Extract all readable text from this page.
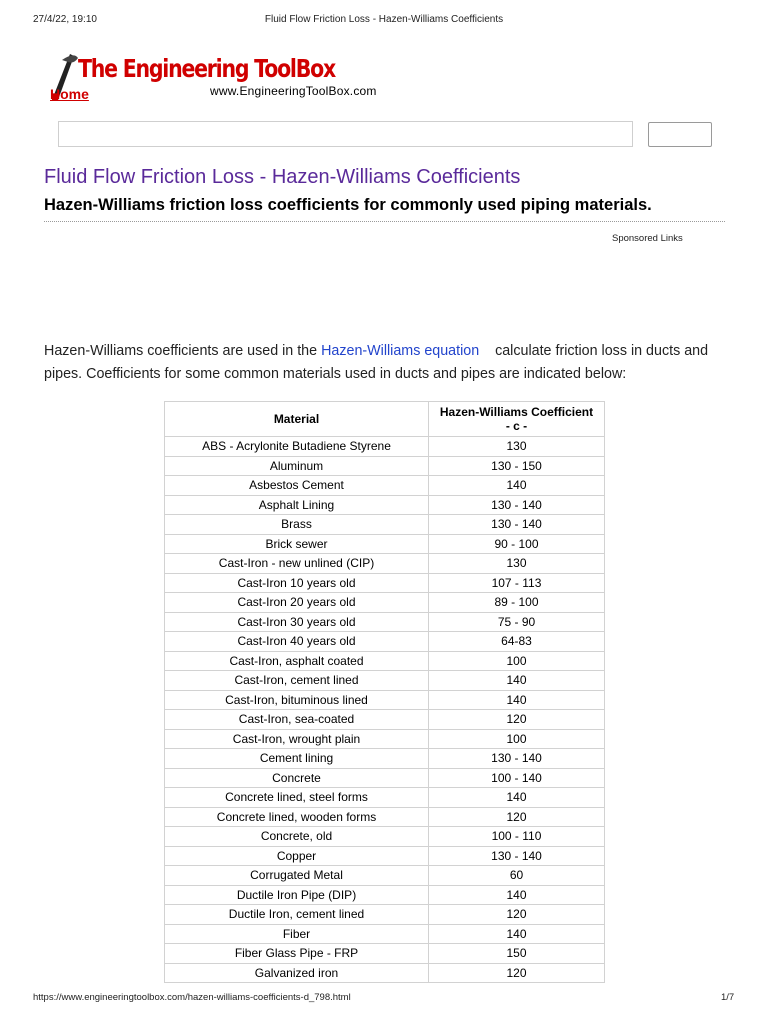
27/4/22, 19:10	Fluid Flow Friction Loss - Hazen-Williams Coefficients
The Engineering ToolBox
Home	www.EngineeringToolBox.com
Fluid Flow Friction Loss - Hazen-Williams Coefficients
Hazen-Williams friction loss coefficients for commonly used piping materials.
Sponsored Links

Hazen-Williams coefficients are used in the Hazen-Williams equation    calculate friction loss in ducts and pipes. Coefficients for some common materials used in ducts and pipes are indicated below:

Material	Hazen-Williams Coefficient
- c -

ABS - Acrylonite Butadiene Styrene	130
Aluminum	130 - 150
Asbestos Cement	140
Asphalt Lining	130 - 140
Brass	130 - 140
Brick sewer	90 - 100
Cast-Iron - new unlined (CIP)	130
Cast-Iron 10 years old	107 - 113
Cast-Iron 20 years old	89 - 100
Cast-Iron 30 years old	75 - 90
Cast-Iron 40 years old	64-83
Cast-Iron, asphalt coated	100
Cast-Iron, cement lined	140
Cast-Iron, bituminous lined	140
Cast-Iron, sea-coated	120
Cast-Iron, wrought plain	100
Cement lining	130 - 140
Concrete	100 - 140
Concrete lined, steel forms	140
Concrete lined, wooden forms	120
Concrete, old	100 - 110
Copper	130 - 140
Corrugated Metal	60
Ductile Iron Pipe (DIP)	140
Ductile Iron, cement lined	120
Fiber	140
Fiber Glass Pipe - FRP	150
Galvanized iron	120
https://www.engineeringtoolbox.com/hazen-williams-coefficients-d_798.html	1/7
